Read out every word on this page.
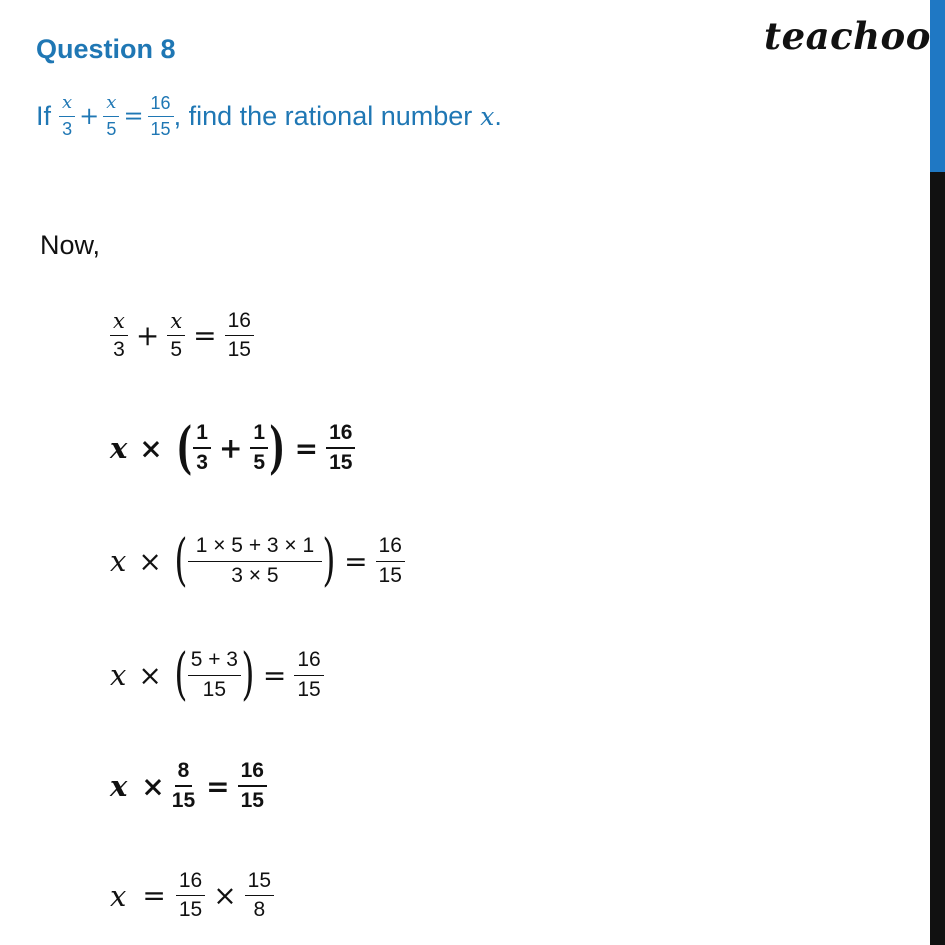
teachoo
Question 8
If $\frac{x}{3} + \frac{x}{5} = \frac{16}{15}$ , find the rational number x .
Now,
$\frac{x}{3} + \frac{x}{5} = \frac{16}{15}$
x × ( $\frac{1}{3} + \frac{1}{5}$ ) = $\frac{16}{15}$
x × ( $\frac{1 \times 5 + 3 \times 1}{3 \times 5}$ ) = $\frac{16}{15}$
x × ( $\frac{5 + 3}{15}$ ) = $\frac{16}{15}$
$x \times \frac{8}{15} = \frac{16}{15}$
$x = \frac{16}{15} \times \frac{15}{8}$
